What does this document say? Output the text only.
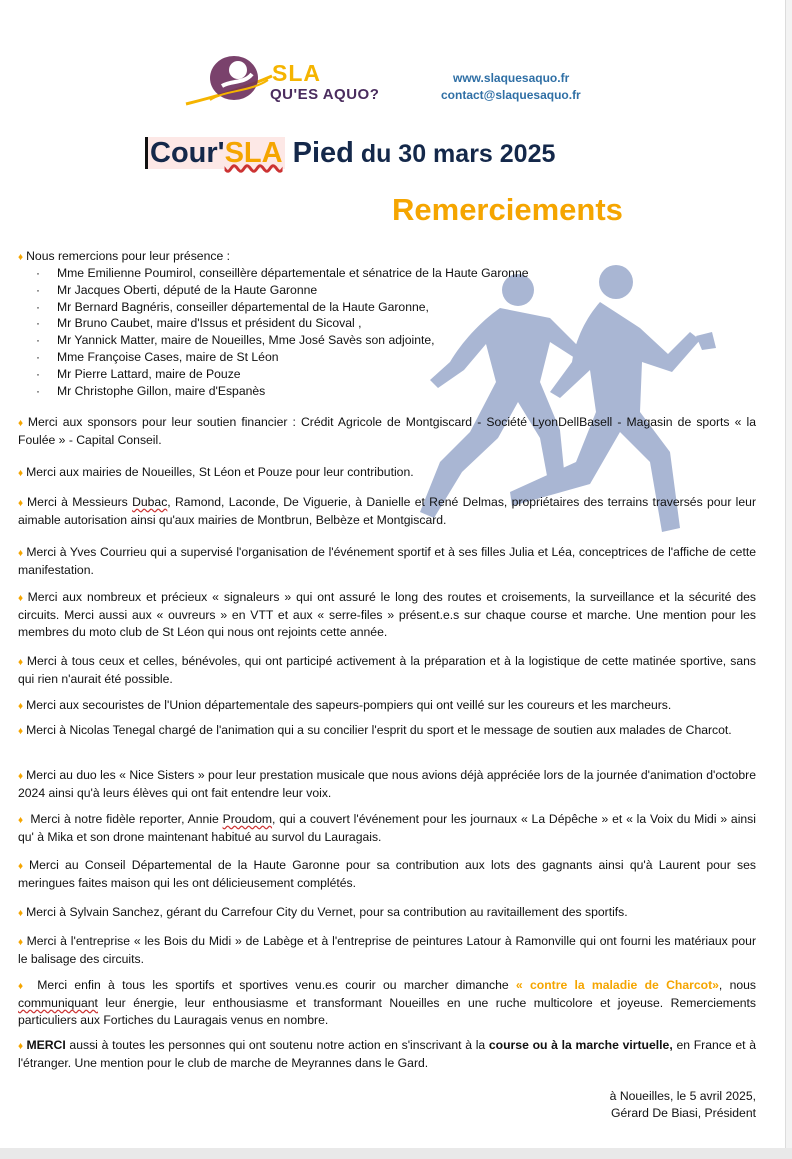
SLA
QU'ES AQUO?
www.slaquesaquo.fr
contact@slaquesaquo.fr
Cour'SLA Pied du 30 mars 2025
Remerciements
♦ Nous remercions pour leur présence :
· Mme Emilienne Poumirol, conseillère départementale et sénatrice de la Haute Garonne
· Mr Jacques Oberti, député de la Haute Garonne
· Mr Bernard Bagnéris, conseiller départemental de la Haute Garonne,
· Mr Bruno Caubet, maire d'Issus et président du Sicoval ,
· Mr Yannick Matter, maire de Noueilles, Mme José Savès son adjointe,
· Mme Françoise Cases, maire de St Léon
· Mr Pierre Lattard, maire de Pouze
· Mr Christophe Gillon, maire d'Espanès
♦ Merci aux sponsors pour leur soutien financier : Crédit Agricole de Montgiscard - Société LyonDellBasell - Magasin de sports « la Foulée » - Capital Conseil.
♦ Merci aux mairies de Noueilles, St Léon et Pouze pour leur contribution.
♦ Merci à Messieurs Dubac, Ramond, Laconde, De Viguerie, à Danielle et René Delmas, propriétaires des terrains traversés pour leur aimable autorisation ainsi qu'aux mairies de Montbrun, Belbèze et Montgiscard.
♦ Merci à Yves Courrieu qui a supervisé l'organisation de l'événement sportif et à ses filles Julia et Léa, conceptrices de l'affiche de cette manifestation.
♦ Merci aux nombreux et précieux « signaleurs » qui ont assuré le long des routes et croisements, la surveillance et la sécurité des circuits. Merci aussi aux « ouvreurs » en VTT et aux « serre-files » présent.e.s sur chaque course et marche. Une mention pour les membres du moto club de St Léon qui nous ont rejoints cette année.
♦ Merci à tous ceux et celles, bénévoles, qui ont participé activement à la préparation et à la logistique de cette matinée sportive, sans qui rien n'aurait été possible.
♦ Merci aux secouristes de l'Union départementale des sapeurs-pompiers qui ont veillé sur les coureurs et les marcheurs.
♦ Merci à Nicolas Tenegal chargé de l'animation qui a su concilier l'esprit du sport et le message de soutien aux malades de Charcot.
♦ Merci au duo les « Nice Sisters » pour leur prestation musicale que nous avions déjà appréciée lors de la journée d'animation d'octobre 2024 ainsi qu'à leurs élèves qui ont fait entendre leur voix.
♦ Merci à notre fidèle reporter, Annie Proudom, qui a couvert l'événement pour les journaux « La Dépêche » et « la Voix du Midi » ainsi qu' à Mika et son drone maintenant habitué au survol du Lauragais.
♦ Merci au Conseil Départemental de la Haute Garonne pour sa contribution aux lots des gagnants ainsi qu'à Laurent pour ses meringues faites maison qui les ont délicieusement complétés.
♦ Merci à Sylvain Sanchez, gérant du Carrefour City du Vernet, pour sa contribution au ravitaillement des sportifs.
♦ Merci à l'entreprise « les Bois du Midi » de Labège et à l'entreprise de peintures Latour à Ramonville qui ont fourni les matériaux pour le balisage des circuits.
♦ Merci enfin à tous les sportifs et sportives venu.es courir ou marcher dimanche « contre la maladie de Charcot», nous communiquant leur énergie, leur enthousiasme et transformant Noueilles en une ruche multicolore et joyeuse. Remerciements particuliers aux Fortiches du Lauragais venus en nombre.
♦ MERCI aussi à toutes les personnes qui ont soutenu notre action en s'inscrivant à la course ou à la marche virtuelle, en France et à l'étranger. Une mention pour le club de marche de Meyrannes dans le Gard.
à Noueilles, le 5 avril 2025,
Gérard De Biasi, Président
